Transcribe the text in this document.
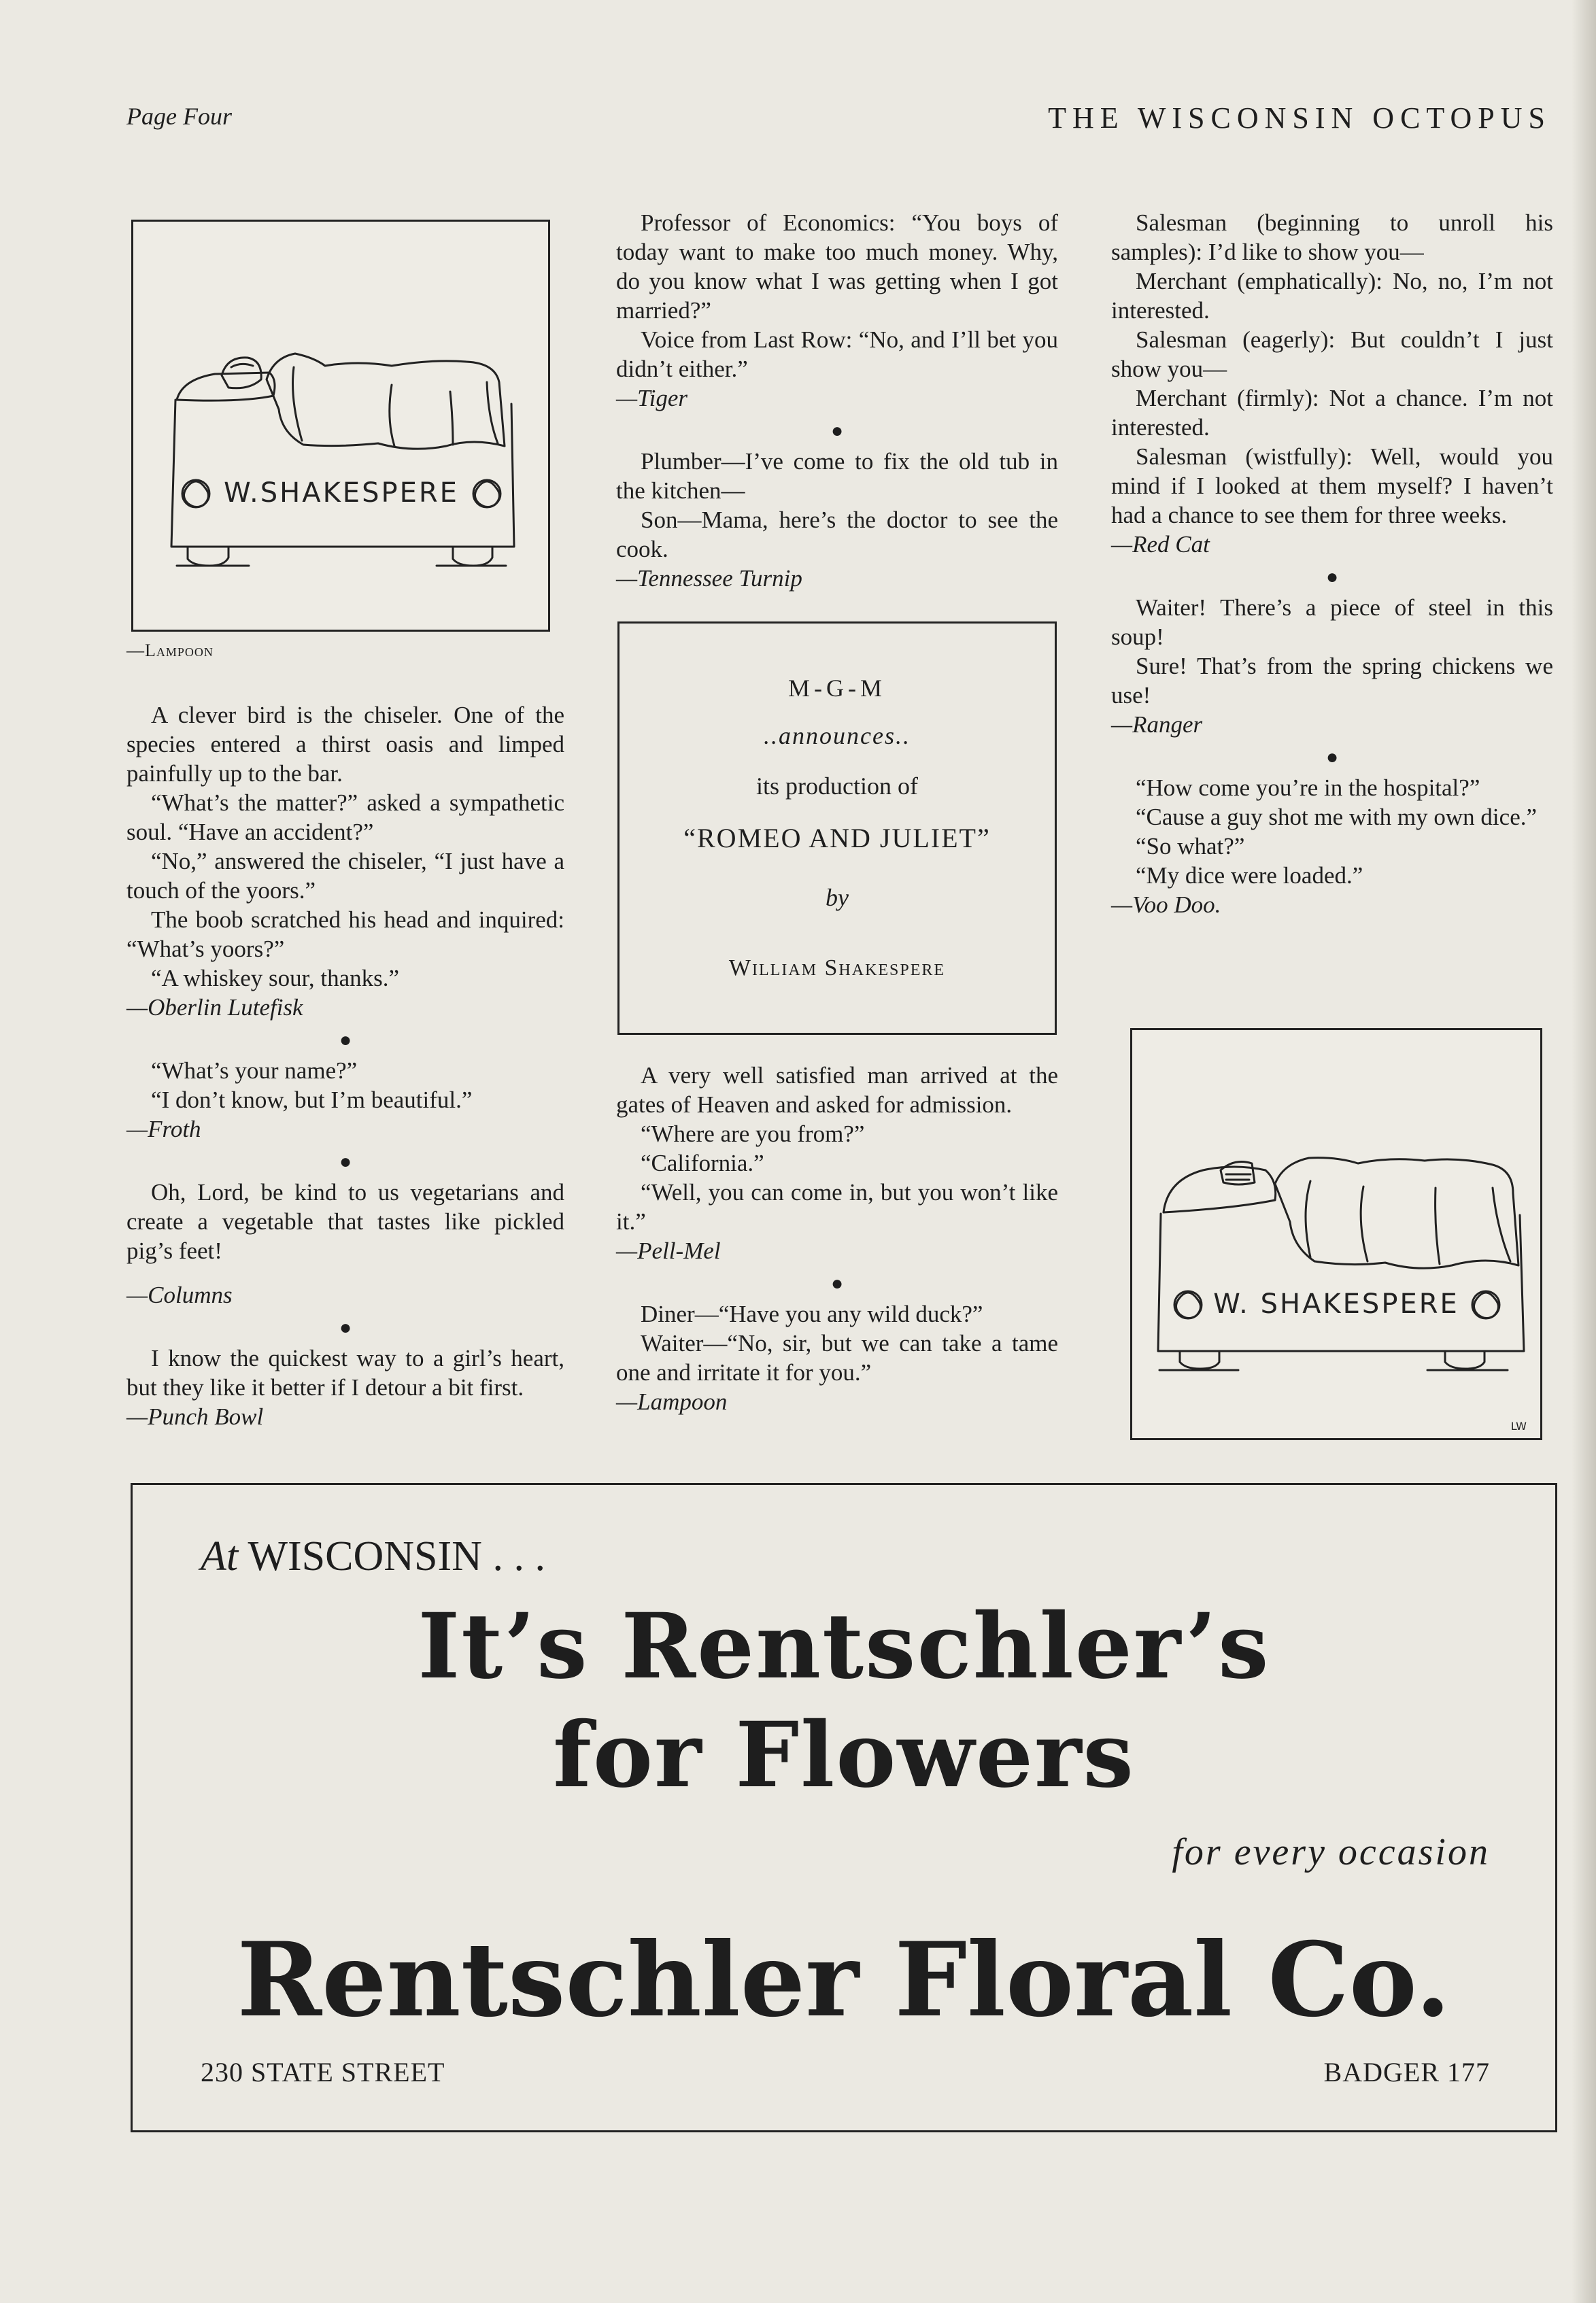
Page Four	THE WISCONSIN OCTOPUS
W.SHAKESPERE
—Lampoon

A clever bird is the chiseler. One of the species entered a thirst oasis and limped painfully up to the bar.

“What’s the matter?” asked a sympathetic soul. “Have an accident?”

“No,” answered the chiseler, “I just have a touch of the yoors.”

The boob scratched his head and inquired: “What’s yoors?”

“A whiskey sour, thanks.”

—Oberlin Lutefisk

●

“What’s your name?”

“I don’t know, but I’m beautiful.”

—Froth

●

Oh, Lord, be kind to us vegetarians and create a vegetable that tastes like pickled pig’s feet!

—Columns

●

I know the quickest way to a girl’s heart, but they like it better if I detour a bit first.

—Punch Bowl

Professor of Economics: “You boys of today want to make too much money. Why, do you know what I was getting when I got married?”

Voice from Last Row: “No, and I’ll bet you didn’t either.”

—Tiger

●

Plumber—I’ve come to fix the old tub in the kitchen—

Son—Mama, here’s the doctor to see the cook.

—Tennessee Turnip

M-G-M
..announces..
its production of
“ROMEO AND JULIET”
by
William Shakespere

A very well satisfied man arrived at the gates of Heaven and asked for admission.

“Where are you from?”

“California.”

“Well, you can come in, but you won’t like it.”

—Pell-Mel

●

Diner—“Have you any wild duck?”

Waiter—“No, sir, but we can take a tame one and irritate it for you.”

—Lampoon

Salesman (beginning to unroll his samples): I’d like to show you—

Merchant (emphatically): No, no, I’m not interested.

Salesman (eagerly): But couldn’t I just show you—

Merchant (firmly): Not a chance. I’m not interested.

Salesman (wistfully): Well, would you mind if I looked at them myself? I haven’t had a chance to see them for three weeks.

—Red Cat

●

Waiter! There’s a piece of steel in this soup!

Sure! That’s from the spring chickens we use!

—Ranger

●

“How come you’re in the hospital?”

“Cause a guy shot me with my own dice.”

“So what?”

“My dice were loaded.”

—Voo Doo.

W. SHAKESPERE
LW
At WISCONSIN . . .
It’s Rentschler’s
for Flowers
for every occasion
Rentschler Floral Co.
230 STATE STREET	BADGER 177
